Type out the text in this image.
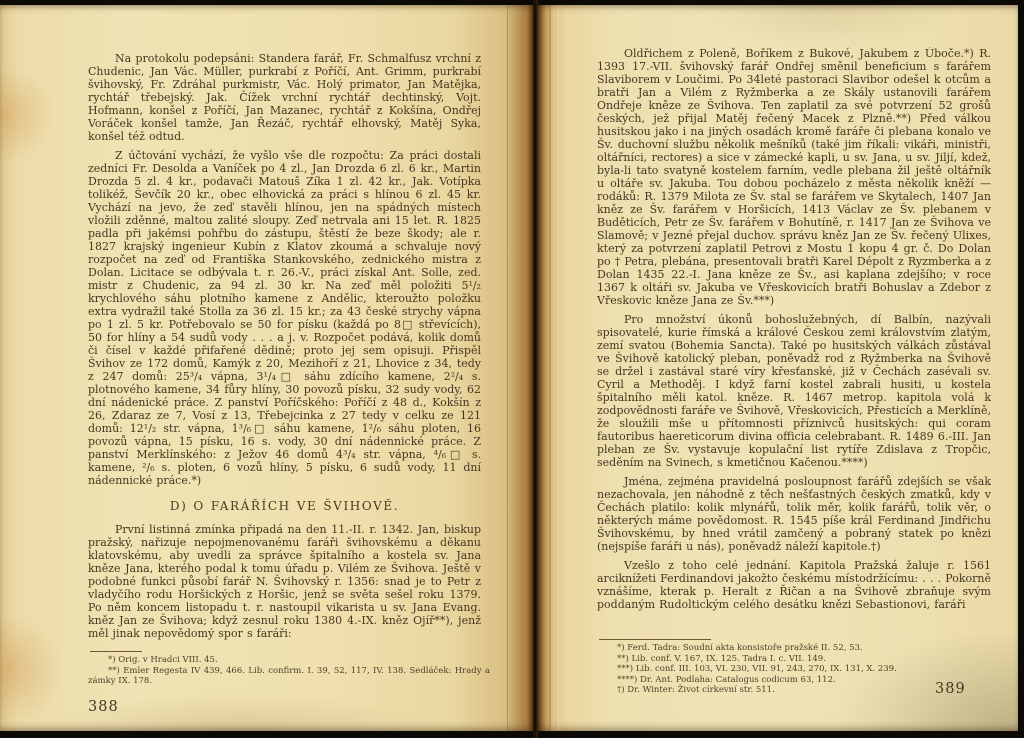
Na protokolu podepsáni: Standera farář, Fr. Schmalfusz vrchní z Chudenic, Jan Vác. Müller, purkrabí z Poříčí, Ant. Grimm, purkrabí švihovský, Fr. Zdráhal purkmistr, Vác. Holý primator, Jan Matějka, rychtář třebejský. Jak. Čížek vrchní rychtář dechtinský, Vojt. Hofmann, konšel z Poříčí, Jan Mazanec, rychtář z Kokšína, Ondřej Voráček konšel tamže, Jan Řezáč, rychtář elhovský, Matěj Syka, konšel též odtud.

Z účtování vychází, že vyšlo vše dle rozpočtu: Za práci dostali zedníci Fr. Desolda a Vaníček po 4 zl., Jan Drozda 6 zl. 6 kr., Martin Drozda 5 zl. 4 kr., podavači Matouš Zíka 1 zl. 42 kr., Jak. Votípka tolikéž, Ševčík 20 kr., obec elhovická za práci s hlínou 6 zl. 45 kr. Vychází na jevo, že zeď stavěli hlínou, jen na spádných místech vložili zděnné, maltou zalité sloupy. Zeď netrvala ani 15 let. R. 1825 padla při jakémsi pohřbu do zástupu, štěstí že beze škody; ale r. 1827 krajský ingenieur Kubín z Klatov zkoumá a schvaluje nový rozpočet na zeď od Františka Stankovského, zednického mistra z Dolan. Licitace se odbývala t. r. 26.-V., práci získal Ant. Solle, zed. mistr z Chudenic, za 94 zl. 30 kr. Na zeď měl položiti 5¹/₂ krychlového sáhu plotního kamene z Andělic, kteroužto položku extra vydražil také Stolla za 36 zl. 15 kr.; za 43 české strychy vápna po 1 zl. 5 kr. Potřebovalo se 50 for písku (každá po 8□ střevících), 50 for hlíny a 54 sudů vody . . . a j. v. Rozpočet podává, kolik domů či čísel v každé přifařené dědině; proto jej sem opisuji. Přispěl Švihov ze 172 domů, Kamýk z 20, Mezihoří z 21, Lhovice z 34, tedy z 247 domů: 25³/₄ vápna, 3¹/₄□ sáhu zdícího kamene, 2²/₄ s. plotnového kamene, 34 fůry hlíny, 30 povozů písku, 32 sudy vody, 62 dní nádenické práce. Z panství Poříčského: Poříčí z 48 d., Kokšín z 26, Zdaraz ze 7, Vosí z 13, Třebejcinka z 27 tedy v celku ze 121 domů: 12¹/₂ str. vápna, 1³/₆□ sáhu kamene, 1²/₆ sáhu ploten, 16 povozů vápna, 15 písku, 16 s. vody, 30 dní nádennické práce. Z panství Merklínského: z Ježov 46 domů 4³/₄ str. vápna, ⁴/₆□ s. kamene, ²/₆ s. ploten, 6 vozů hlíny, 5 písku, 6 sudů vody, 11 dní nádennické práce.*)

D) O FARÁŘÍCH VE ŠVIHOVĚ.

První listinná zmínka připadá na den 11.-II. r. 1342. Jan, biskup pražský, nařizuje nepojmenovanému faráři švihovskému a děkanu klatovskému, aby uvedli za správce špitalního a kostela sv. Jana kněze Jana, kterého podal k tomu úřadu p. Vilém ze Švihova. Ještě v podobné funkci působí farář N. Švihovský r. 1356: snad je to Petr z vladyčího rodu Horšických z Horšic, jenž se světa sešel roku 1379. Po něm koncem listopadu t. r. nastoupil vikarista u sv. Jana Evang. kněz Jan ze Švihova; když zesnul roku 1380 4.-IX. kněz Ojíř**), jenž měl jinak nepovědomý spor s faráři:

*) Orig. v Hradci VIII. 45.

**) Emler Regesta IV 439, 466. Lib. confirm. I. 39, 52, 117, IV. 138. Sedláček: Hrady a zámky IX. 178.

388

Oldřichem z Poleně, Boříkem z Bukové, Jakubem z Úboče.*) R. 1393 17.-VII. švihovský farář Ondřej směnil beneficium s farářem Slaviborem v Loučimi. Po 34leté pastoraci Slavibor odešel k otcům a bratři Jan a Vilém z Ryžmberka a ze Skály ustanovili farářem Ondřeje kněze ze Švihova. Ten zaplatil za své potvrzení 52 grošů českých, jež přijal Matěj řečený Macek z Plzně.**) Před válkou husitskou jako i na jiných osadách kromě faráře či plebana konalo ve Šv. duchovní službu několik mešníků (také jim říkali: vikáři, ministři, oltářníci, rectores) a sice v zámecké kapli, u sv. Jana, u sv. Jiljí, kdež, byla-li tato svatyně kostelem farním, vedle plebana žil ještě oltářník u oltáře sv. Jakuba. Tou dobou pocházelo z města několik kněží — rodáků: R. 1379 Milota ze Šv. stal se farářem ve Skytalech, 1407 Jan kněz ze Šv. farářem v Horšicích, 1413 Václav ze Šv. plebanem v Buděticích, Petr ze Šv. farářem v Bohutíně, r. 1417 Jan ze Švihova ve Slamově; v Jezné přejal duchov. správu kněz Jan ze Šv. řečený Ulixes, který za potvrzení zaplatil Petrovi z Mostu 1 kopu 4 gr. č. Do Dolan po † Petra, plebána, presentovali bratři Karel Dépolt z Ryzmberka a z Dolan 1435 22.-I. Jana kněze ze Šv., asi kaplana zdejšího; v roce 1367 k oltáři sv. Jakuba ve Vřeskovicích bratři Bohuslav a Zdebor z Vřeskovic kněze Jana ze Šv.***)

Pro množství úkonů bohoslužebných, dí Balbín, nazývali spisovatelé, kurie římská a králové Českou zemi královstvím zlatým, zemí svatou (Bohemia Sancta). Také po husitských válkách zůstával ve Švihově katolický pleban, poněvadž rod z Ryžmberka na Švihově se držel i zastával staré víry křesťanské, již v Čechách zasévali sv. Cyril a Methoděj. I když farní kostel zabrali husiti, u kostela špitalního měli katol. kněze. R. 1467 metrop. kapitola volá k zodpovědnosti faráře ve Švihově, Vřeskovicích, Přesticích a Merklíně, že sloužili mše u přítomnosti příznivců husitských: qui coram fautoribus haereticorum divina officia celebrabant. R. 1489 6.-III. Jan pleban ze Šv. vystavuje kopulační list rytíře Zdislava z Tropčic, seděním na Svinech, s kmetičnou Kačenou.****)

Jména, zejména pravidelná posloupnost farářů zdejších se však nezachovala, jen náhodně z těch nešťastných českých zmatků, kdy v Čechách platilo: kolik mlynářů, tolik měr, kolik farářů, tolik věr, o některých máme povědomost. R. 1545 píše král Ferdinand Jindřichu Švihovskému, by hned vrátil zamčený a pobraný statek po knězi (nejspíše faráři u nás), poněvadž náleží kapitole.†)

Vzešlo z toho celé jednání. Kapitola Pražská žaluje r. 1561 arciknížeti Ferdinandovi jakožto českému místodržícímu: . . . Pokorně vznášíme, kterak p. Heralt z Řičan a na Švihově zbraňuje svým poddaným Rudoltickým celého desátku knězi Sebastionovi, faráři

*) Ferd. Tadra: Soudní akta konsistoře pražské II. 52, 53.

**) Lib. conf. V. 167, IX. 125. Tadra I. c. VII. 149.

***) Lib. conf. III. 103, VI. 230, VII. 91, 243, 270, IX. 131, X. 239.

****) Dr. Ant. Podlaha: Catalogus codicum 63, 112.

†) Dr. Winter: Život církevní str. 511.	389
